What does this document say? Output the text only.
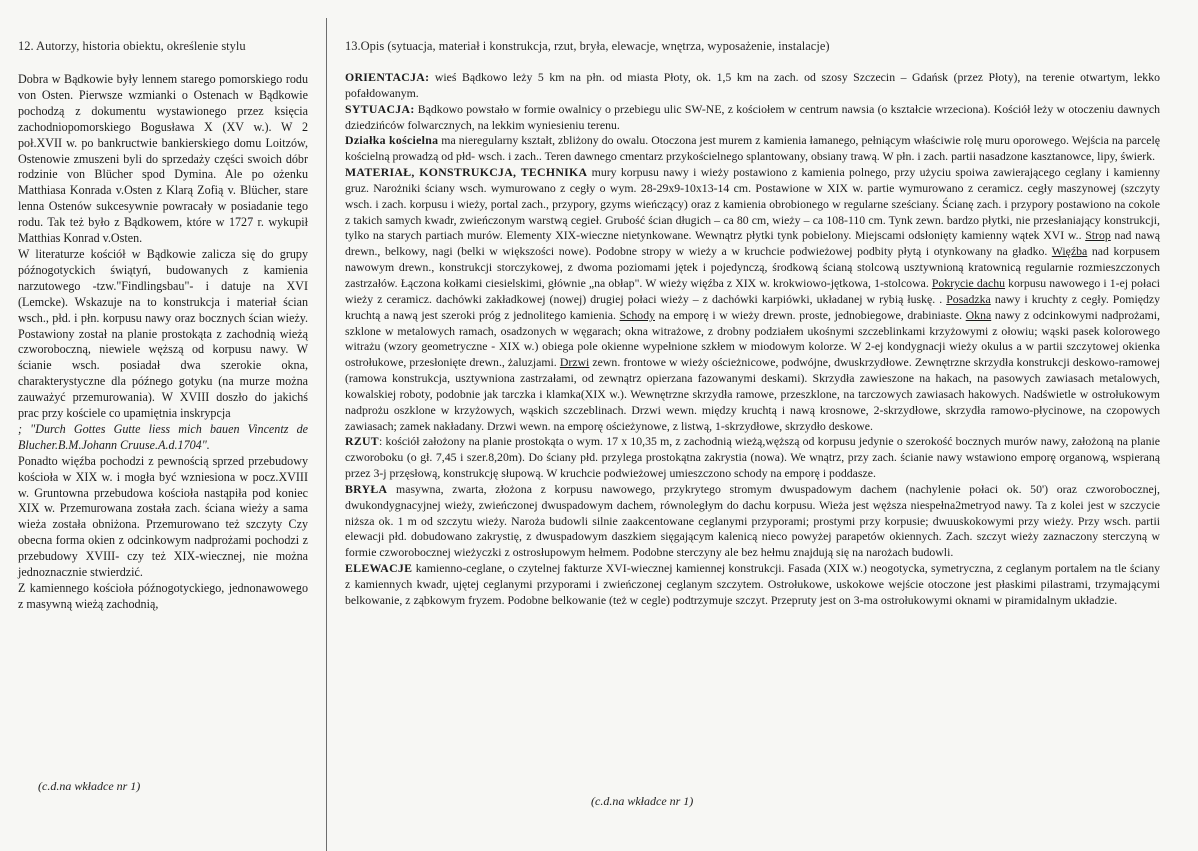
12. Autorzy, historia obiektu, określenie stylu

Dobra w Bądkowie były lennem starego pomorskiego rodu von Osten. Pierwsze wzmianki o Ostenach w Bądkowie pochodzą z dokumentu wystawionego przez księcia zachodniopomorskiego Bogusława X (XV w.). W 2 poł.XVII w. po bankructwie bankierskiego domu Loitzów, Ostenowie zmuszeni byli do sprzedaży części swoich dóbr rodzinie von Blücher spod Dymina. Ale po ożenku Matthiasa Konrada v.Osten z Klarą Zofią v. Blücher, stare lenna Ostenów sukcesywnie powracały w posiadanie tego rodu. Tak też było z Bądkowem, które w 1727 r. wykupił Matthias Konrad v.Osten.

W literaturze kościół w Bądkowie zalicza się do grupy późnogotyckich świątyń, budowanych z kamienia narzutowego -tzw."Findlingsbau"- i datuje na XVI (Lemcke). Wskazuje na to konstrukcja i materiał ścian wsch., płd. i płn. korpusu nawy oraz bocznych ścian wieży. Postawiony został na planie prostokąta z zachodnią wieżą czworoboczną, niewiele węższą od korpusu nawy. W ścianie wsch. posiadał dwa szerokie okna, charakterystyczne dla późnego gotyku (na murze można zauważyć przemurowania). W XVIII doszło do jakichś prac przy kościele co upamiętnia inskrypcja

; "Durch Gottes Gutte liess mich bauen Vincentz de Blucher.B.M.Johann Cruuse.A.d.1704".

Ponadto więźba pochodzi z pewnością sprzed przebudowy kościoła w XIX w. i mogła być wzniesiona w pocz.XVIII w. Gruntowna przebudowa kościoła nastąpiła pod koniec XIX w. Przemurowana została zach. ściana wieży a sama wieża została obniżona. Przemurowano też szczyty Czy obecna forma okien z odcinkowym nadprożami pochodzi z przebudowy XVIII- czy też XIX-wiecznej, nie można jednoznacznie stwierdzić.

Z kamiennego kościoła późnogotyckiego, jednonawowego z masywną wieżą zachodnią,

(c.d.na wkładce nr 1)
13.Opis (sytuacja, materiał i konstrukcja, rzut, bryła, elewacje, wnętrza, wyposażenie, instalacje)

ORIENTACJA: wieś Bądkowo leży 5 km na płn. od miasta Płoty, ok. 1,5 km na zach. od szosy Szczecin – Gdańsk (przez Płoty), na terenie otwartym, lekko pofałdowanym.

SYTUACJA: Bądkowo powstało w formie owalnicy o przebiegu ulic SW-NE, z kościołem w centrum nawsia (o kształcie wrzeciona). Kościół leży w otoczeniu dawnych dziedzińców folwarcznych, na lekkim wyniesieniu terenu.

Działka kościelna ma nieregularny kształt, zbliżony do owalu. Otoczona jest murem z kamienia łamanego, pełniącym właściwie rolę muru oporowego. Wejścia na parcelę kościelną prowadzą od płd- wsch. i zach.. Teren dawnego cmentarz przykościelnego splantowany, obsiany trawą. W płn. i zach. partii nasadzone kasztanowce, lipy, świerk.

MATERIAŁ, KONSTRUKCJA, TECHNIKA mury korpusu nawy i wieży postawiono z kamienia polnego, przy użyciu spoiwa zawierającego ceglany i kamienny gruz. Narożniki ściany wsch. wymurowano z cegły o wym. 28-29x9-10x13-14 cm. Postawione w XIX w. partie wymurowano z ceramicz. cegły maszynowej (szczyty wsch. i zach. korpusu i wieży, portal zach., przypory, gzyms wieńczący) oraz z kamienia obrobionego w regularne sześciany. Ścianę zach. i przypory postawiono na cokole z takich samych kwadr, zwieńczonym warstwą cegieł. Grubość ścian długich – ca 80 cm, wieży – ca 108-110 cm. Tynk zewn. bardzo płytki, nie przesłaniający konstrukcji, tylko na starych partiach murów. Elementy XIX-wieczne nietynkowane. Wewnątrz płytki tynk pobielony. Miejscami odsłonięty kamienny wątek XVI w.. Strop nad nawą drewn., belkowy, nagi (belki w większości nowe). Podobne stropy w wieży a w kruchcie podwieżowej podbity płytą i otynkowany na gładko. Więźba nad korpusem nawowym drewn., konstrukcji storczykowej, z dwoma poziomami jętek i pojedynczą, środkową ścianą stolcową usztywnioną kratownicą regularnie rozmieszczonych zastrzałów. Łączona kołkami ciesielskimi, głównie „na obłap". W wieży więźba z XIX w. krokwiowo-jętkowa, 1-stolcowa. Pokrycie dachu korpusu nawowego i 1-ej połaci wieży z ceramicz. dachówki zakładkowej (nowej) drugiej połaci wieży – z dachówki karpiówki, układanej w rybią łuskę. . Posadzka nawy i kruchty z cegły. Pomiędzy kruchtą a nawą jest szeroki próg z jednolitego kamienia. Schody na emporę i w wieży drewn. proste, jednobiegowe, drabiniaste. Okna nawy z odcinkowymi nadprożami, szklone w metalowych ramach, osadzonych w węgarach; okna witrażowe, z drobny podziałem ukośnymi szczeblinkami krzyżowymi z ołowiu; wąski pasek kolorowego witrażu (wzory geometryczne - XIX w.) obiega pole okienne wypełnione szkłem w miodowym kolorze. W 2-ej kondygnacji wieży okulus a w partii szczytowej okienka ostrołukowe, przesłonięte drewn., żaluzjami. Drzwi zewn. frontowe w wieży ościeżnicowe, podwójne, dwuskrzydłowe. Zewnętrzne skrzydła konstrukcji deskowo-ramowej (ramowa konstrukcja, usztywniona zastrzałami, od zewnątrz opierzana fazowanymi deskami). Skrzydła zawieszone na hakach, na pasowych zawiasach metalowych, kowalskiej roboty, podobnie jak tarczka i klamka(XIX w.). Wewnętrzne skrzydła ramowe, przeszklone, na tarczowych zawiasach hakowych. Nadświetle w ostrołukowym nadprożu oszklone w krzyżowych, wąskich szczeblinach. Drzwi wewn. między kruchtą i nawą krosnowe, 2-skrzydłowe, skrzydła ramowo-płycinowe, na czopowych zawiasach; zamek nakładany. Drzwi wewn. na emporę ościeżynowe, z listwą, 1-skrzydłowe, skrzydło deskowe.

RZUT: kościół założony na planie prostokąta o wym. 17 x 10,35 m, z zachodnią wieżą,węższą od korpusu jedynie o szerokość bocznych murów nawy, założoną na planie czworoboku (o gł. 7,45 i szer.8,20m). Do ściany płd. przylega prostokątna zakrystia (nowa). We wnątrz, przy zach. ścianie nawy wstawiono emporę organową, wspieraną przez 3-j przęsłową, konstrukcję słupową. W kruchcie podwieżowej umieszczono schody na emporę i poddasze.

BRYŁA masywna, zwarta, złożona z korpusu nawowego, przykrytego stromym dwuspadowym dachem (nachylenie połaci ok. 50') oraz czworobocznej, dwukondygnacyjnej wieży, zwieńczonej dwuspadowym dachem, równoległym do dachu korpusu. Wieża jest węższa niespełna2metryod nawy. Ta z kolei jest w szczycie niższa ok. 1 m od szczytu wieży. Naroża budowli silnie zaakcentowane ceglanymi przyporami; prostymi przy korpusie; dwuuskokowymi przy wieży. Przy wsch. partii elewacji płd. dobudowano zakrystię, z dwuspadowym daszkiem sięgającym kalenicą nieco powyżej parapetów okiennych. Zach. szczyt wieży zaznaczony sterczyną w formie czworobocznej wieżyczki z ostrosłupowym hełmem. Podobne sterczyny ale bez hełmu znajdują się na narożach budowli.

ELEWACJE kamienno-ceglane, o czytelnej fakturze XVI-wiecznej kamiennej konstrukcji. Fasada (XIX w.) neogotycka, symetryczna, z ceglanym portalem na tle ściany z kamiennych kwadr, ujętej ceglanymi przyporami i zwieńczonej ceglanym szczytem. Ostrołukowe, uskokowe wejście otoczone jest płaskimi pilastrami, trzymającymi belkowanie, z ząbkowym fryzem. Podobne belkowanie (też w cegle) podtrzymuje szczyt. Przepruty jest on 3-ma ostrołukowymi oknami w piramidalnym układzie.

(c.d.na wkładce nr 1)
